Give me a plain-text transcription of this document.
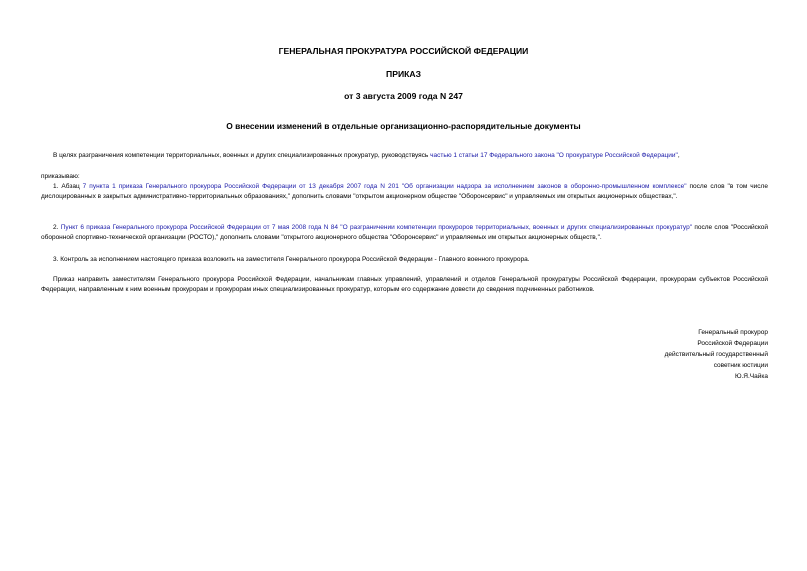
ГЕНЕРАЛЬНАЯ ПРОКУРАТУРА РОССИЙСКОЙ ФЕДЕРАЦИИ
ПРИКАЗ
от 3 августа 2009 года N 247
О внесении изменений в отдельные организационно-распорядительные документы
В целях разграничения компетенции территориальных, военных и других специализированных прокуратур, руководствуясь частью 1 статьи 17 Федерального закона "О прокуратуре Российской Федерации",
приказываю:
1. Абзац 7 пункта 1 приказа Генерального прокурора Российской Федерации от 13 декабря 2007 года N 201 "Об организации надзора за исполнением законов в оборонно-промышленном комплексе" после слов "в том числе дислоцированных в закрытых административно-территориальных образованиях," дополнить словами "открытом акционерном обществе "Оборонсервис" и управляемых им открытых акционерных обществах,".
2. Пункт 6 приказа Генерального прокурора Российской Федерации от 7 мая 2008 года N 84 "О разграничении компетенции прокуроров территориальных, военных и других специализированных прокуратур" после слов "Российской оборонной спортивно-технической организации (РОСТО)," дополнить словами "открытого акционерного общества "Оборонсервис" и управляемых им открытых акционерных обществ,".
3. Контроль за исполнением настоящего приказа возложить на заместителя Генерального прокурора Российской Федерации - Главного военного прокурора.
Приказ направить заместителям Генерального прокурора Российской Федерации, начальникам главных управлений, управлений и отделов Генеральной прокуратуры Российской Федерации, прокурорам субъектов Российской Федерации, направленным к ним военным прокурорам и прокурорам иных специализированных прокуратур, которым его содержание довести до сведения подчиненных работников.
Генеральный прокурор
Российской Федерации
действительный государственный
советник юстиции
Ю.Я.Чайка
